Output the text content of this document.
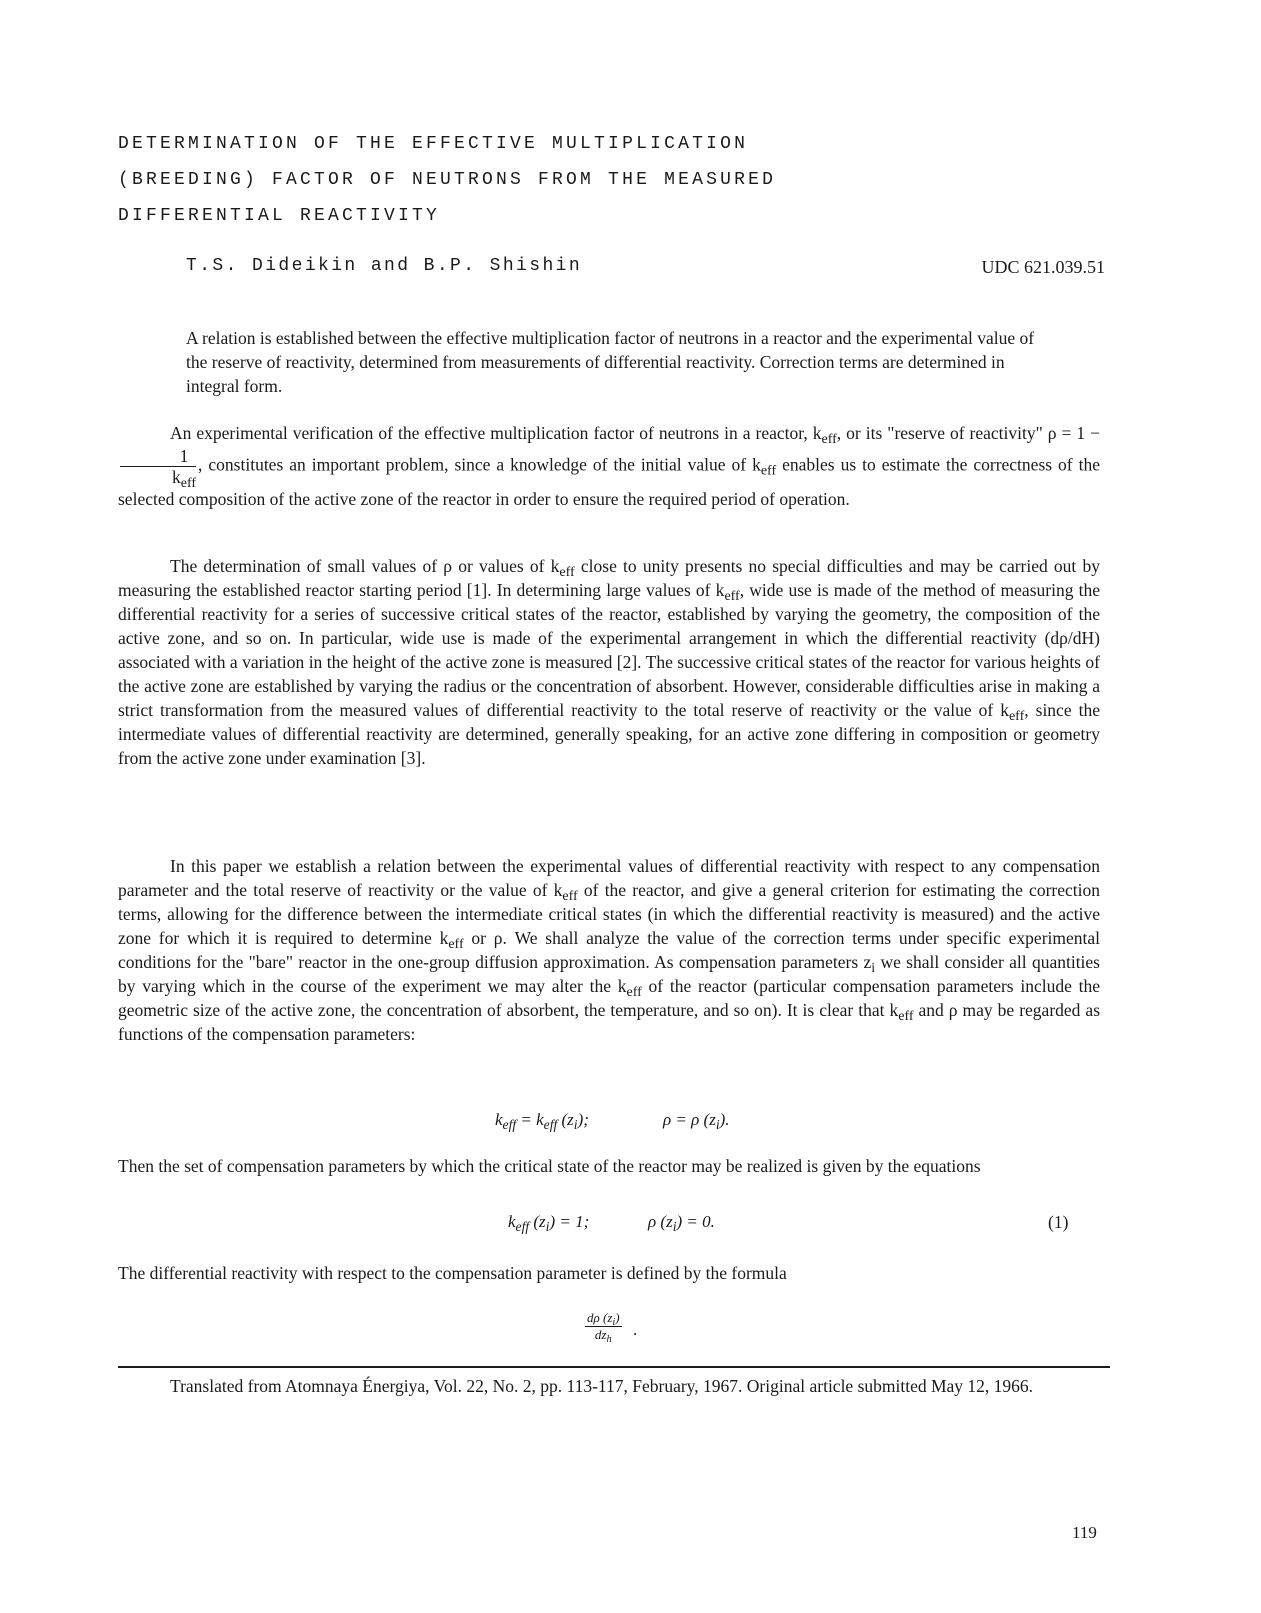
DETERMINATION OF THE EFFECTIVE MULTIPLICATION
(BREEDING) FACTOR OF NEUTRONS FROM THE MEASURED
DIFFERENTIAL REACTIVITY
T.S. Dideikin and B.P. Shishin	UDC 621.039.51

A relation is established between the effective multiplication factor of neutrons in a reactor and the experimental value of the reserve of reactivity, determined from measurements of differential reactivity. Correction terms are determined in integral form.

An experimental verification of the effective multiplication factor of neutrons in a reactor, $k_{eff}$, or its "reserve of reactivity" ρ = 1 −
$\frac{1}{k_{eff}}$ , constitutes an important problem, since a knowledge of the initial value of $k_{eff}$ enables us to estimate the correctness of the selected composition of the active zone of the reactor in order to ensure the required period of operation.

The determination of small values of ρ or values of $k_{eff}$ close to unity presents no special difficulties and may be carried out by measuring the established reactor starting period [1]. In determining large values of $k_{eff}$, wide use is made of the method of measuring the differential reactivity for a series of successive critical states of the reactor, established by varying the geometry, the composition of the active zone, and so on. In particular, wide use is made of the experimental arrangement in which the differential reactivity (dρ/dH) associated with a variation in the height of the active zone is measured [2]. The successive critical states of the reactor for various heights of the active zone are established by varying the radius or the concentration of absorbent. However, considerable difficulties arise in making a strict transformation from the measured values of differential reactivity to the total reserve of reactivity or the value of $k_{eff}$, since the intermediate values of differential reactivity are determined, generally speaking, for an active zone differing in composition or geometry from the active zone under examination [3].

In this paper we establish a relation between the experimental values of differential reactivity with respect to any compensation parameter and the total reserve of reactivity or the value of $k_{eff}$ of the reactor, and give a general criterion for estimating the correction terms, allowing for the difference between the intermediate critical states (in which the differential reactivity is measured) and the active zone for which it is required to determine $k_{eff}$ or ρ. We shall analyze the value of the correction terms under specific experimental conditions for the "bare" reactor in the one-group diffusion approximation. As compensation parameters $z_i$ we shall consider all quantities by varying which in the course of the experiment we may alter the $k_{eff}$ of the reactor (particular compensation parameters include the geometric size of the active zone, the concentration of absorbent, the temperature, and so on). It is clear that $k_{eff}$ and ρ may be regarded as functions of the compensation parameters:

$k_{eff} = k_{eff}$ $(z_i)$;	ρ = ρ $(z_i)$.

Then the set of compensation parameters by which the critical state of the reactor may be realized is given by the equations

$k_{eff}$ $(z_i) = 1$;	ρ $(z_i) = 0$.	(1)

The differential reactivity with respect to the compensation parameter is defined by the formula

dρ $(z_i)$
$dz_h$
.

Translated from Atomnaya Énergiya, Vol. 22, No. 2, pp. 113-117, February, 1967. Original article submitted May 12, 1966.

119
